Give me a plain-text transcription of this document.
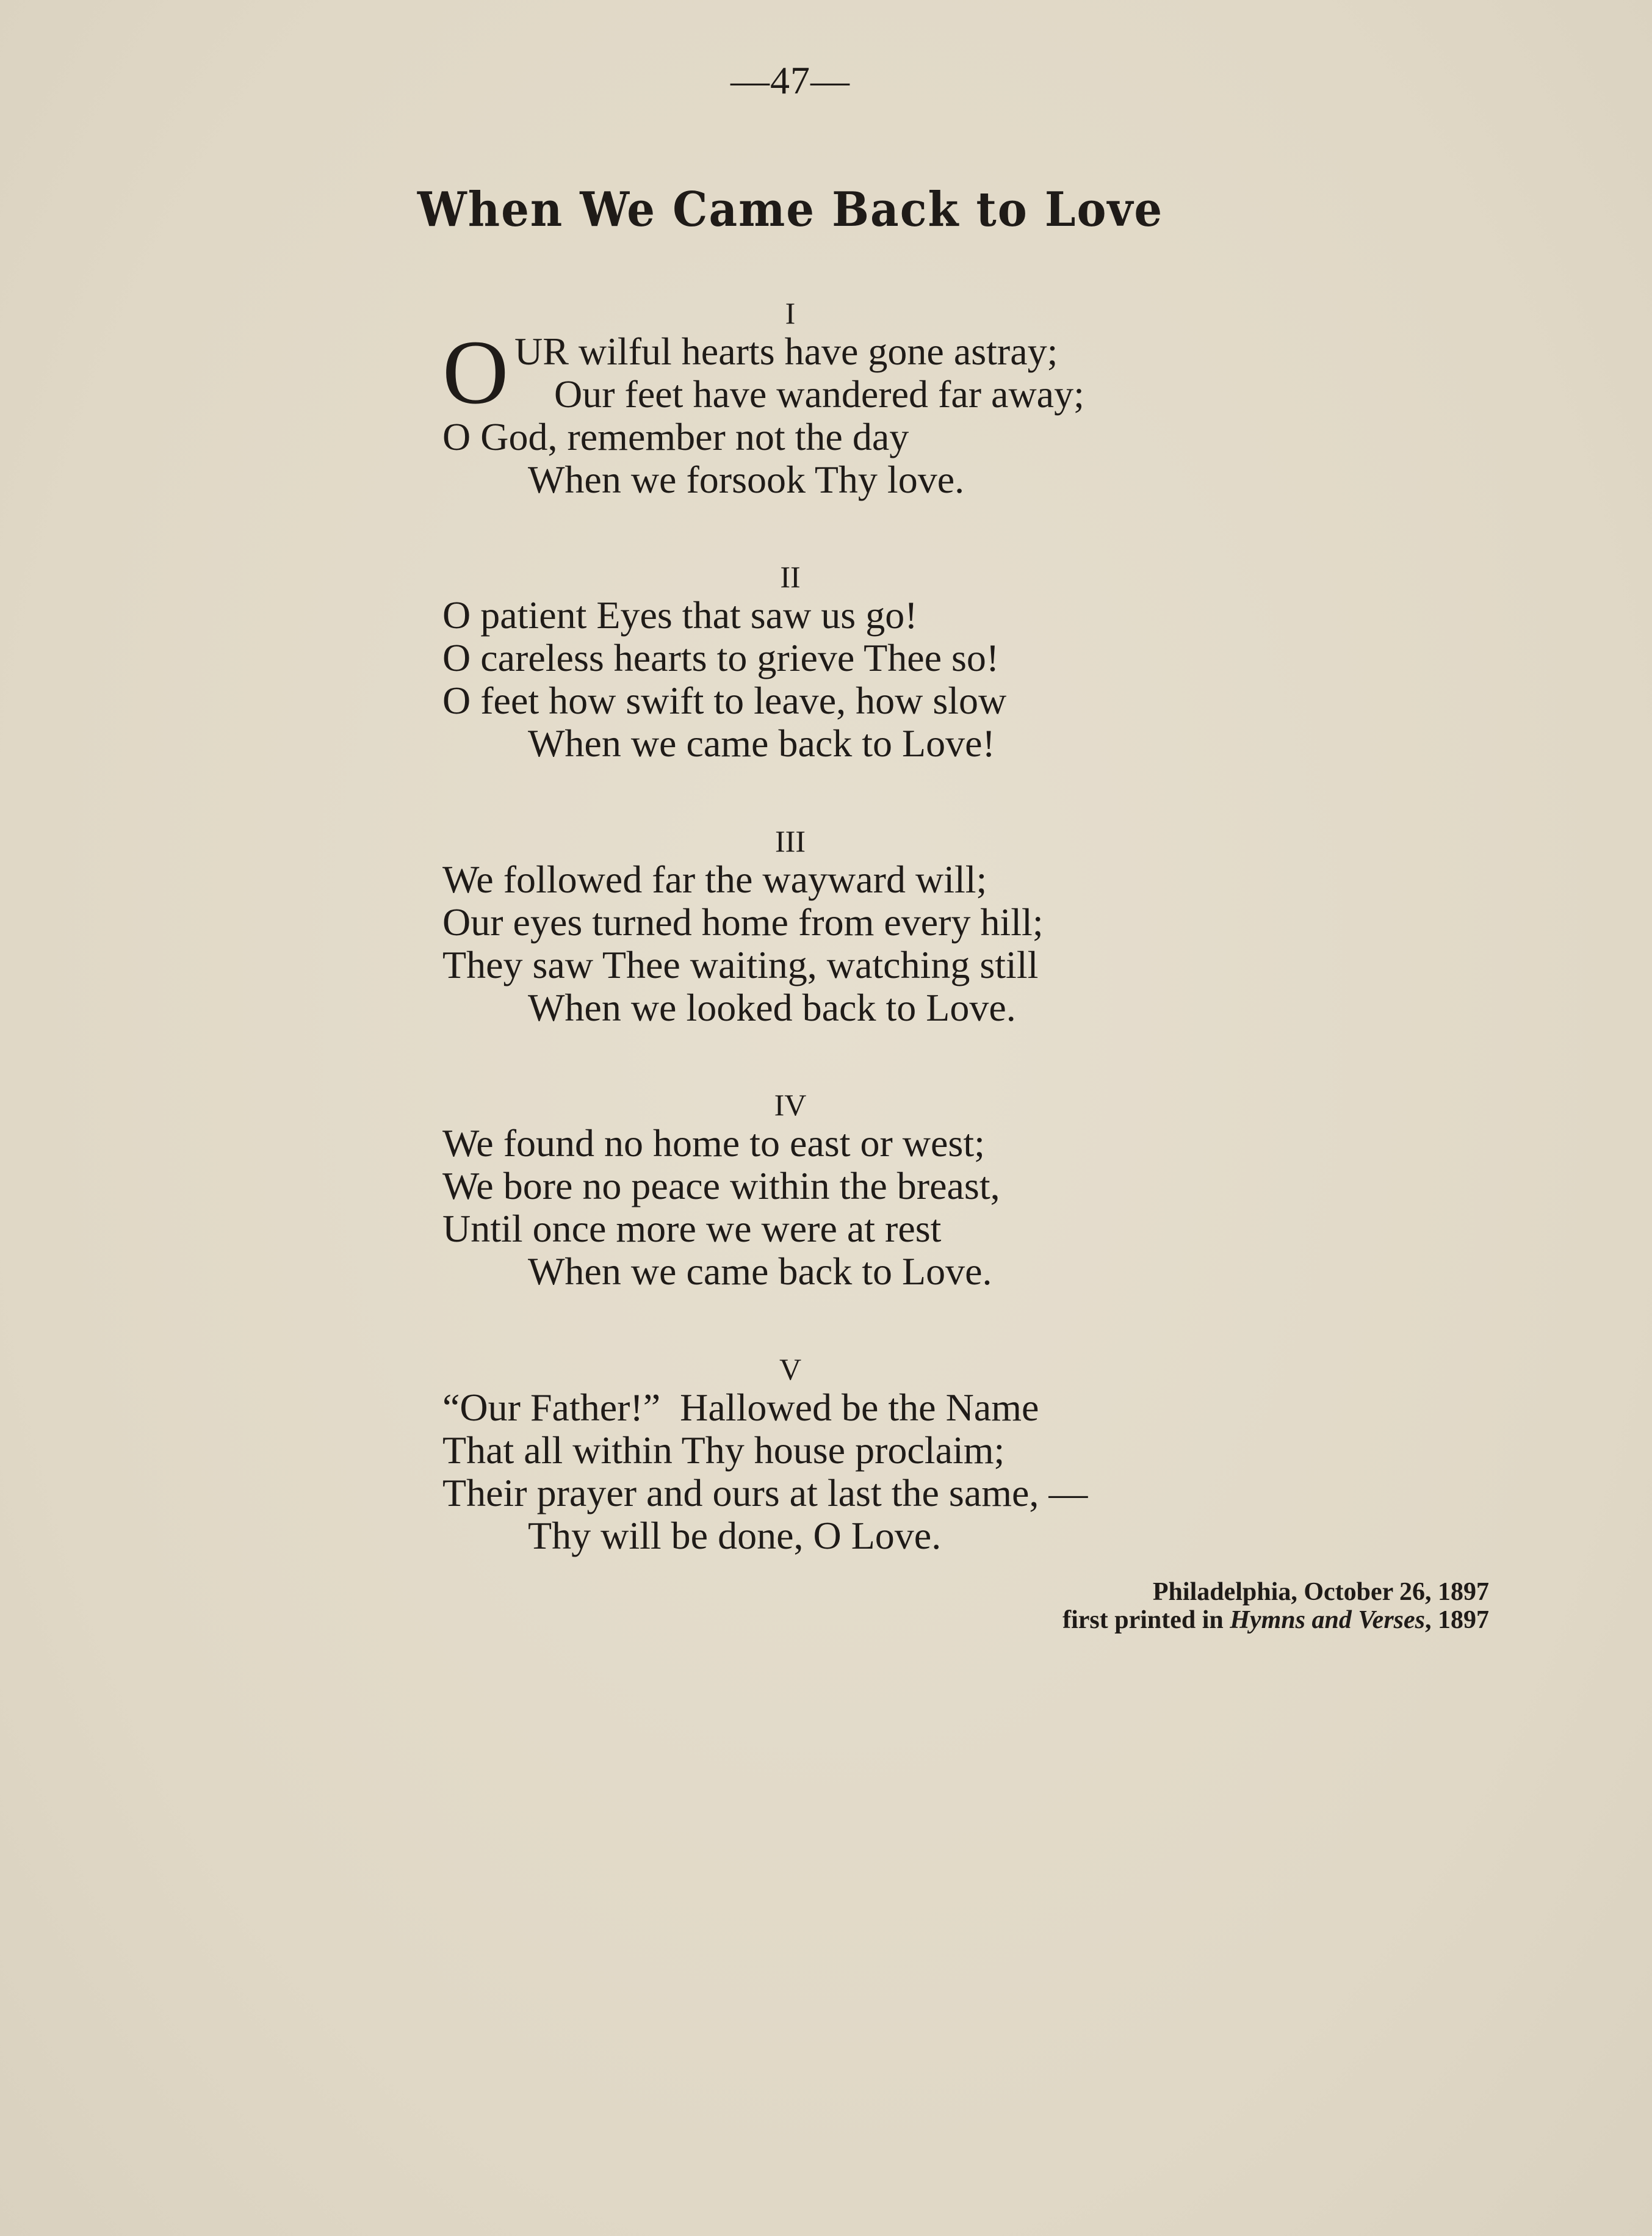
—47—
When We Came Back to Love
I
O UR wilful hearts have gone astray;
Our feet have wandered far away;
O God, remember not the day
When we forsook Thy love.
II
O patient Eyes that saw us go!
O careless hearts to grieve Thee so!
O feet how swift to leave, how slow
When we came back to Love!
III
We followed far the wayward will;
Our eyes turned home from every hill;
They saw Thee waiting, watching still
When we looked back to Love.
IV
We found no home to east or west;
We bore no peace within the breast,
Until once more we were at rest
When we came back to Love.
V
“Our Father!”  Hallowed be the Name
That all within Thy house proclaim;
Their prayer and ours at last the same, —
Thy will be done, O Love.
Philadelphia, October 26, 1897
first printed in Hymns and Verses, 1897
